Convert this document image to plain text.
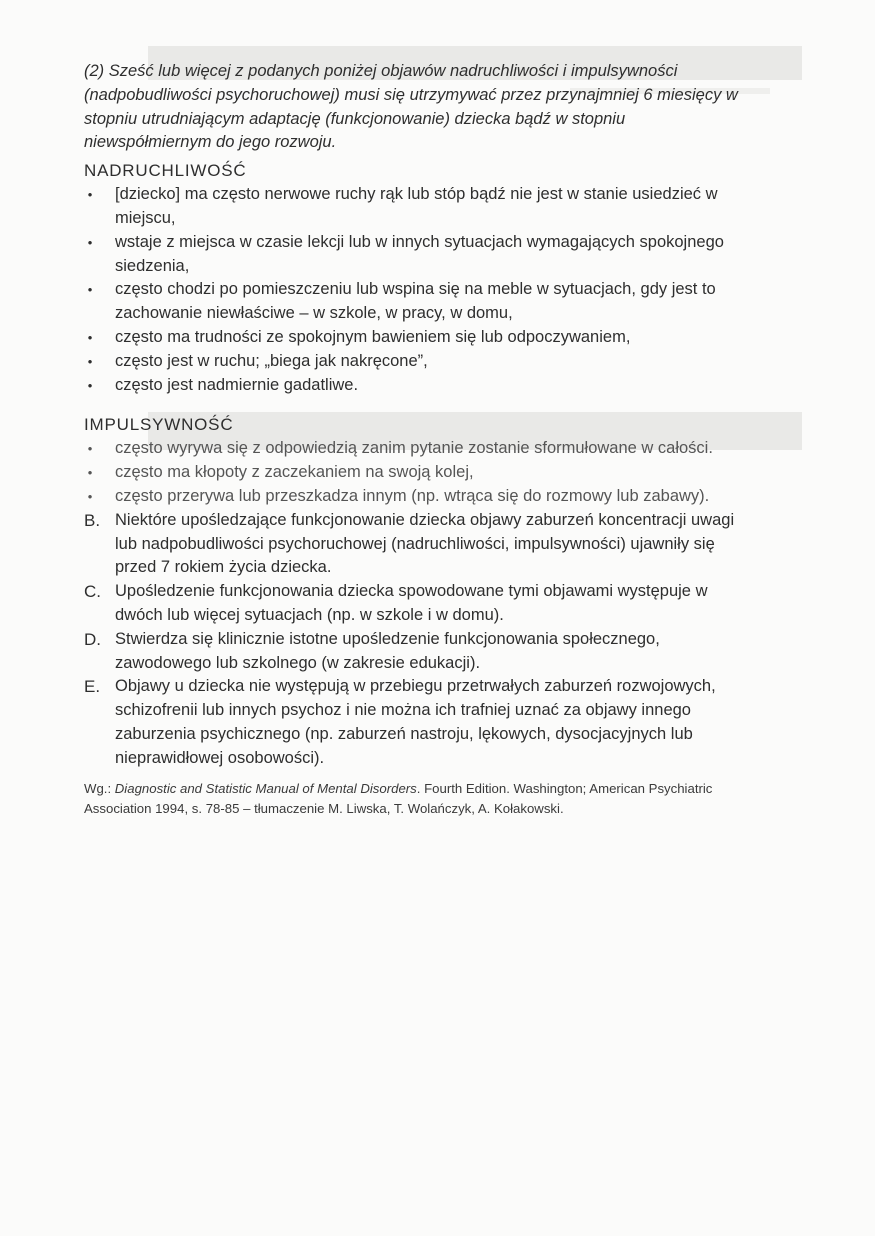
(2) Sześć lub więcej z podanych poniżej objawów nadruchliwości i impulsywności (nadpobudliwości psychoruchowej) musi się utrzymywać przez przynajmniej 6 miesięcy w stopniu utrudniającym adaptację (funkcjonowanie) dziecka bądź w stopniu niewspółmiernym do jego rozwoju.

NADRUCHLIWOŚĆ
• [dziecko] ma często nerwowe ruchy rąk lub stóp bądź nie jest w stanie usiedzieć w miejscu,
• wstaje z miejsca w czasie lekcji lub w innych sytuacjach wymagających spokojnego siedzenia,
• często chodzi po pomieszczeniu lub wspina się na meble w sytuacjach, gdy jest to zachowanie niewłaściwe – w szkole, w pracy, w domu,
• często ma trudności ze spokojnym bawieniem się lub odpoczywaniem,
• często jest w ruchu; „biega jak nakręcone”,
• często jest nadmiernie gadatliwe.
IMPULSYWNOŚĆ
• często wyrywa się z odpowiedzią zanim pytanie zostanie sformułowane w całości.
• często ma kłopoty z zaczekaniem na swoją kolej,
• często przerywa lub przeszkadza innym (np. wtrąca się do rozmowy lub zabawy).
B. Niektóre upośledzające funkcjonowanie dziecka objawy zaburzeń koncentracji uwagi lub nadpobudliwości psychoruchowej (nadruchliwości, impulsywności) ujawniły się przed 7 rokiem życia dziecka.
C. Upośledzenie funkcjonowania dziecka spowodowane tymi objawami występuje w dwóch lub więcej sytuacjach (np. w szkole i w domu).
D. Stwierdza się klinicznie istotne upośledzenie funkcjonowania społecznego, zawodowego lub szkolnego (w zakresie edukacji).
E. Objawy u dziecka nie występują w przebiegu przetrwałych zaburzeń rozwojowych, schizofrenii lub innych psychoz i nie można ich trafniej uznać za objawy innego zaburzenia psychicznego (np. zaburzeń nastroju, lękowych, dysocjacyjnych lub nieprawidłowej osobowości).

Wg.: Diagnostic and Statistic Manual of Mental Disorders. Fourth Edition. Washington; American Psychiatric Association 1994, s. 78-85 – tłumaczenie M. Liwska, T. Wolańczyk, A. Kołakowski.
